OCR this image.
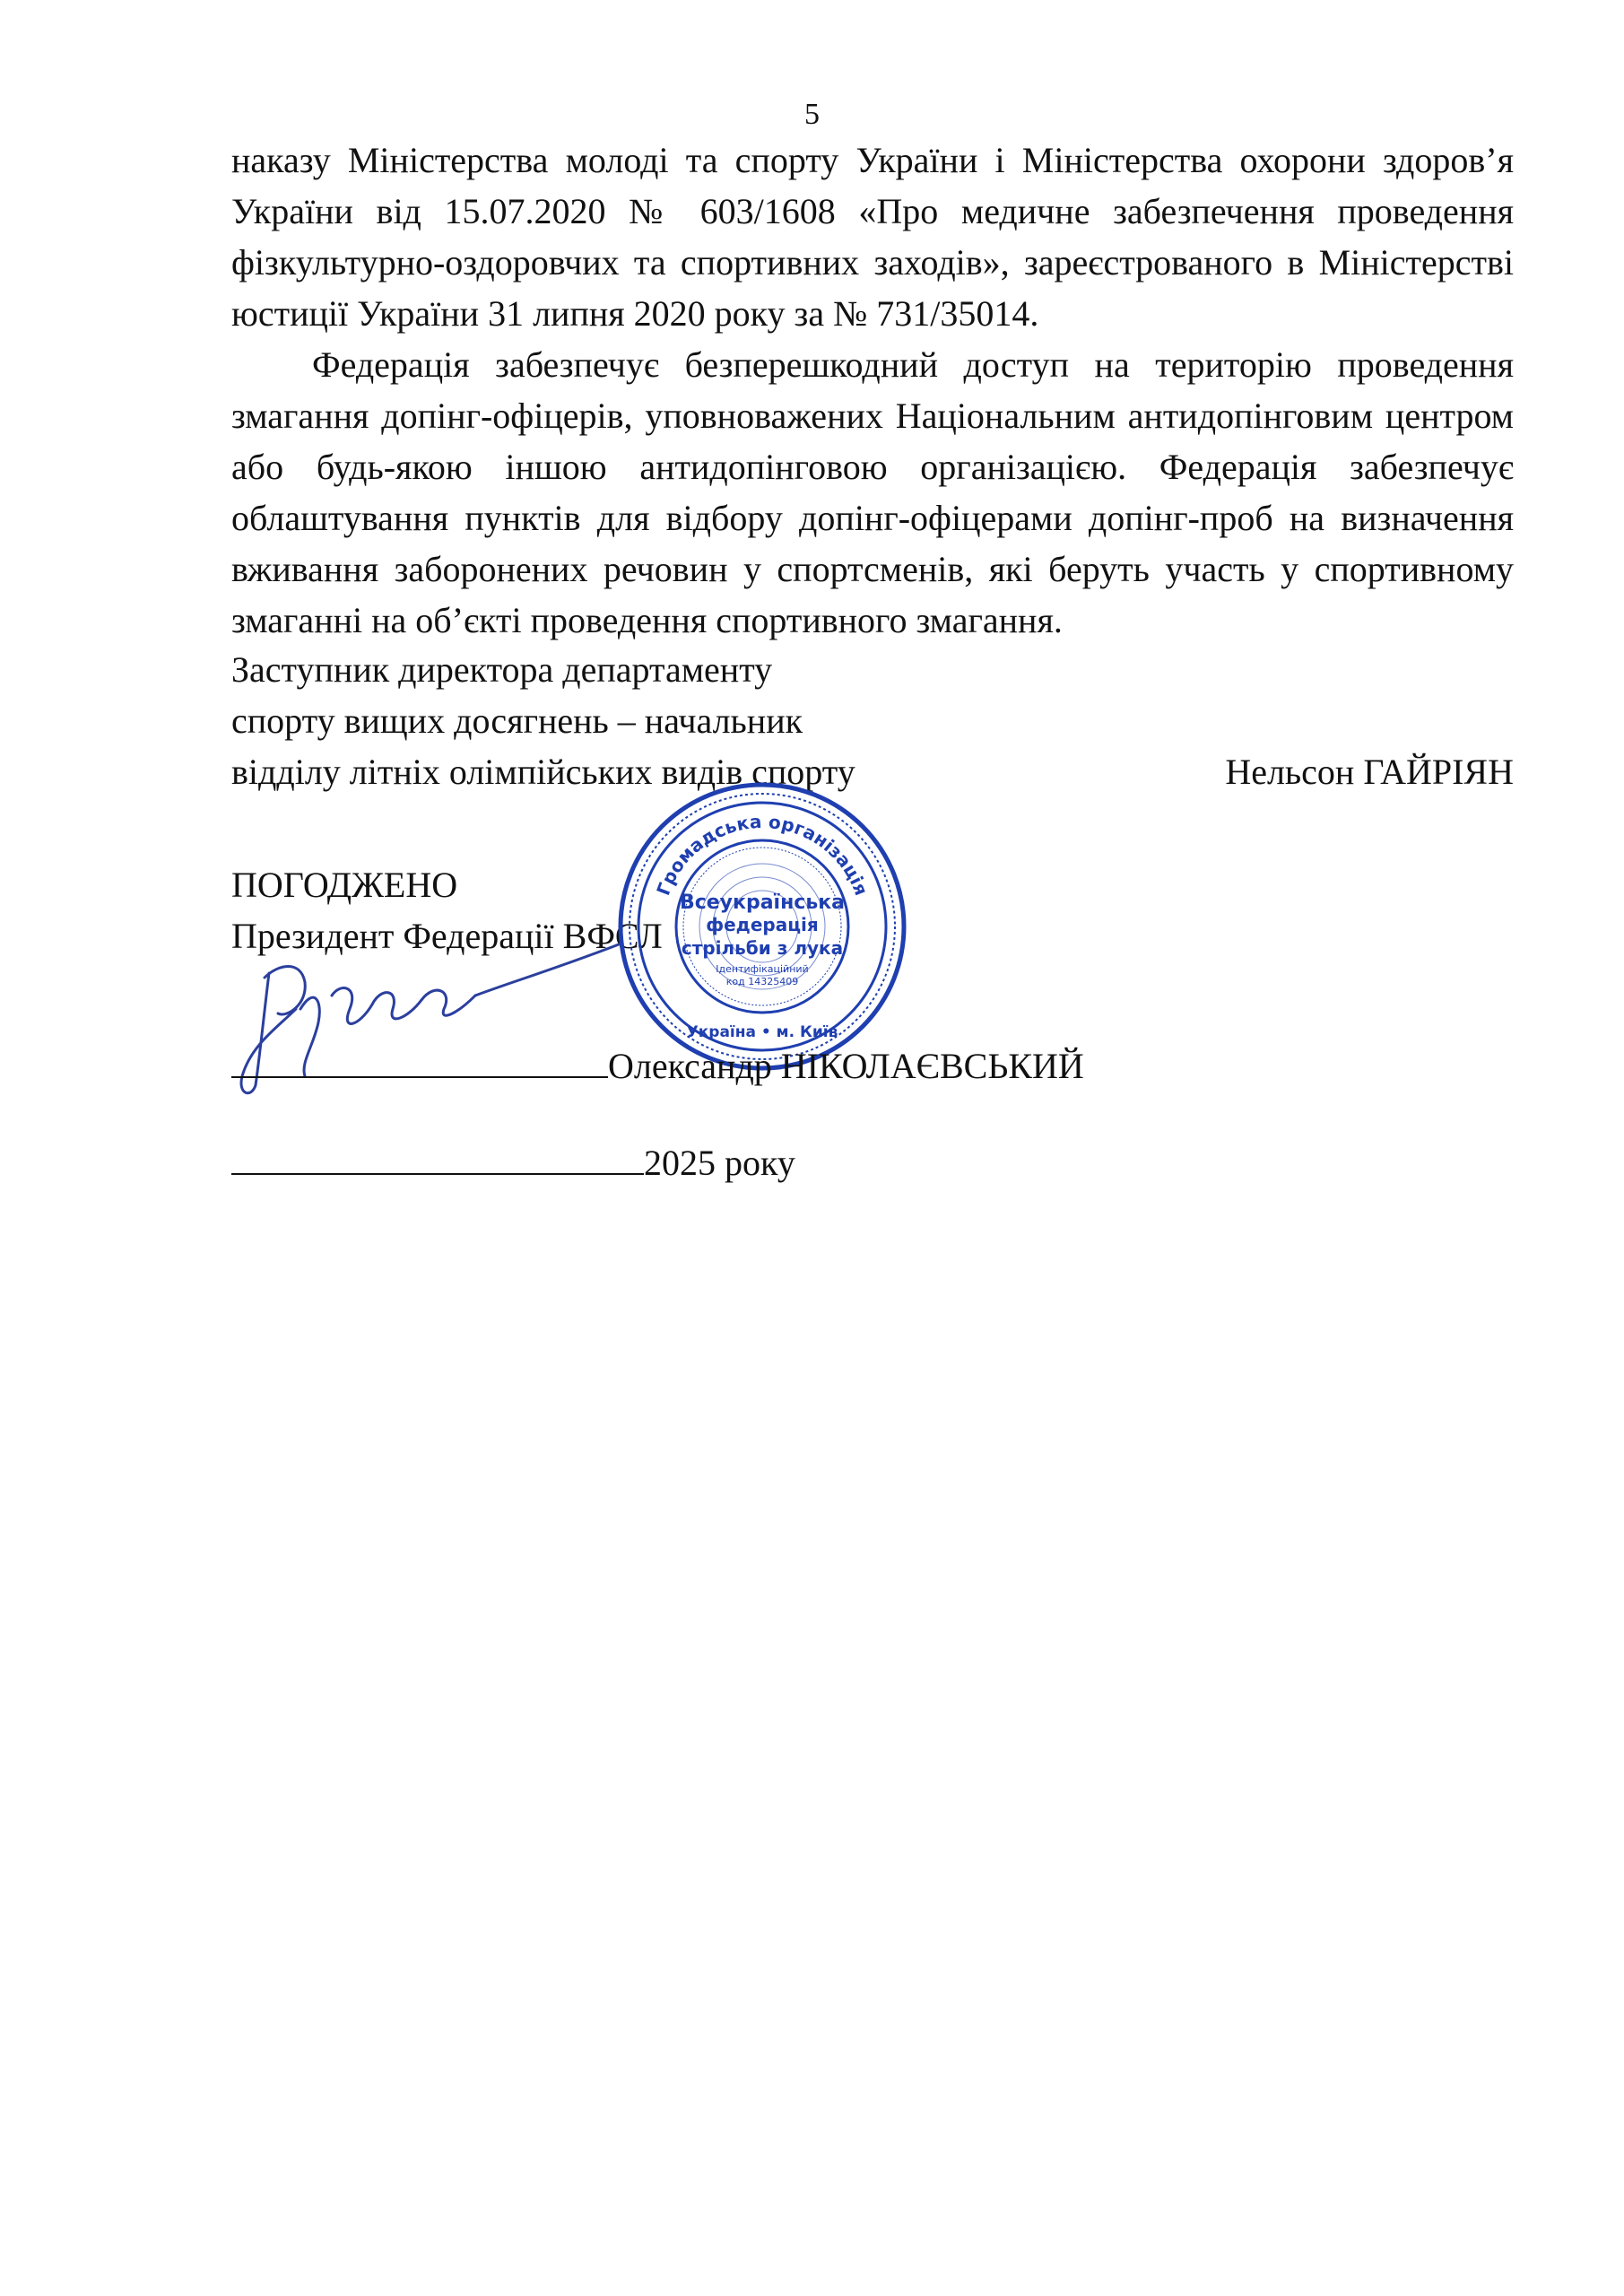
5

наказу Міністерства молоді та спорту України і Міністерства охорони здоров’я України від 15.07.2020 № 603/1608 «Про медичне забезпечення проведення фізкультурно-оздоровчих та спортивних заходів», зареєстрованого в Міністерстві юстиції України 31 липня 2020 року за № 731/35014.

Федерація забезпечує безперешкодний доступ на територію проведення змагання допінг-офіцерів, уповноважених Національним антидопінговим центром або будь-якою іншою антидопінговою організацією. Федерація забезпечує облаштування пунктів для відбору допінг-офіцерами допінг-проб на визначення вживання заборонених речовин у спортсменів, які беруть участь у спортивному змаганні на об’єкті проведення спортивного змагання.

Заступник директора департаменту
спорту вищих досягнень – начальник
відділу літніх олімпійських видів спорту	Нельсон ГАЙРІЯН
ПОГОДЖЕНО
Президент Федерації ВФСЛ
Громадська організація
Всеукраїнська
федерація
стрільби з лука
Ідентифікаційний
код 14325409
Україна • м. Київ
Олександр НІКОЛАЄВСЬКИЙ
2025 року
